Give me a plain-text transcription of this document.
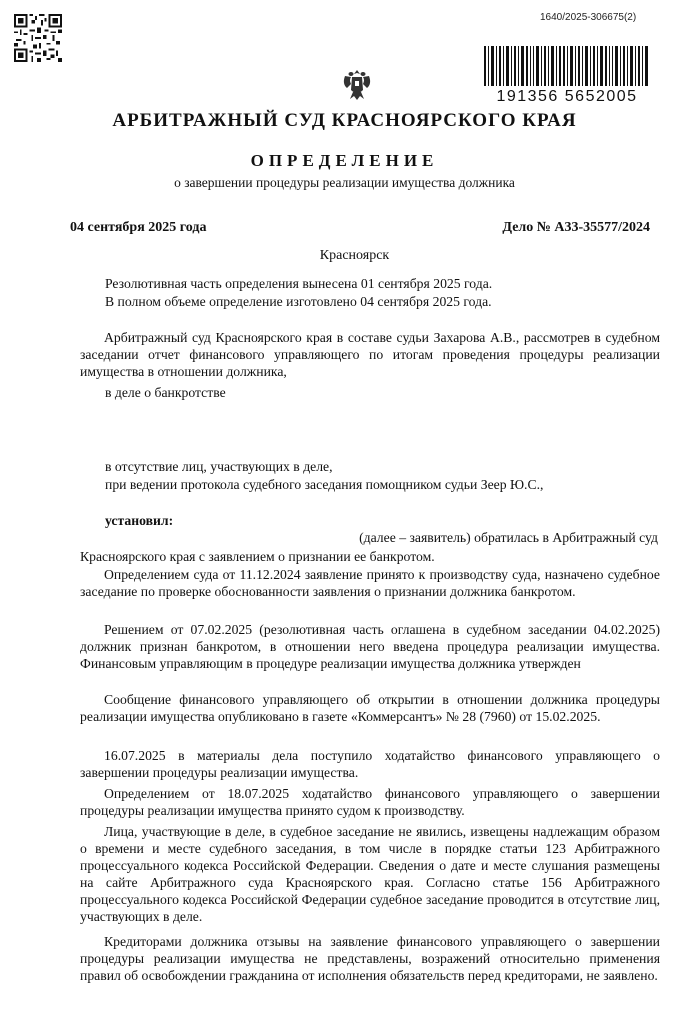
1640/2025-306675(2)
191356 5652005
АРБИТРАЖНЫЙ СУД КРАСНОЯРСКОГО КРАЯ
ОПРЕДЕЛЕНИЕ
о завершении процедуры реализации имущества должника
04 сентября 2025 года	Дело № А33-35577/2024
Красноярск
Резолютивная часть определения вынесена 01 сентября 2025 года.
В полном объеме определение изготовлено 04 сентября 2025 года.
Арбитражный суд Красноярского края в составе судьи Захарова А.В., рассмотрев в судебном заседании отчет финансового управляющего по итогам проведения процедуры реализации имущества в отношении должника,
в деле о банкротстве
в отсутствие лиц, участвующих в деле,
при ведении протокола судебного заседания помощником судьи Зеер Ю.С.,
установил:
(далее – заявитель) обратилась в Арбитражный суд
Красноярского края с заявлением о признании ее банкротом.
Определением суда от 11.12.2024 заявление принято к производству суда, назначено судебное заседание по проверке обоснованности заявления о признании должника банкротом.
Решением от 07.02.2025 (резолютивная часть оглашена в судебном заседании 04.02.2025) должник признан банкротом, в отношении него введена процедура реализации имущества. Финансовым управляющим в процедуре реализации имущества должника утвержден
Сообщение финансового управляющего об открытии в отношении должника процедуры реализации имущества опубликовано в газете «Коммерсантъ» № 28 (7960) от 15.02.2025.
16.07.2025 в материалы дела поступило ходатайство финансового управляющего о завершении процедуры реализации имущества.
Определением от 18.07.2025 ходатайство финансового управляющего о завершении процедуры реализации имущества принято судом к производству.
Лица, участвующие в деле, в судебное заседание не явились, извещены надлежащим образом о времени и месте судебного заседания, в том числе в порядке статьи 123 Арбитражного процессуального кодекса Российской Федерации. Сведения о дате и месте слушания размещены на сайте Арбитражного суда Красноярского края. Согласно статье 156 Арбитражного процессуального кодекса Российской Федерации судебное заседание проводится в отсутствие лиц, участвующих в деле.
Кредиторами должника отзывы на заявление финансового управляющего о завершении процедуры реализации имущества не представлены, возражений относительно применения правил об освобождении гражданина от исполнения обязательств перед кредиторами, не заявлено.
